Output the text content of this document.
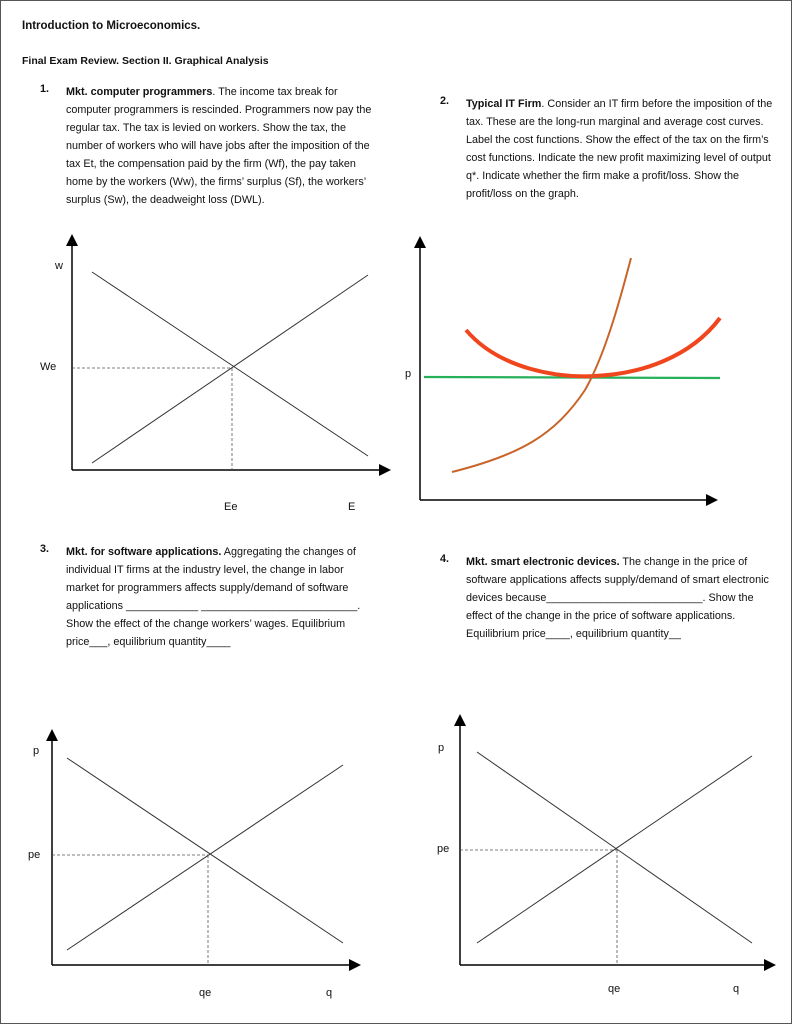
Introduction to Microeconomics.
Final Exam Review. Section II. Graphical Analysis
1. Mkt. computer programmers. The income tax break for computer programmers is rescinded. Programmers now pay the regular tax. The tax is levied on workers. Show the tax, the number of workers who will have jobs after the imposition of the tax Et, the compensation paid by the firm (Wf), the pay taken home by the workers (Ww), the firms’ surplus (Sf), the workers’ surplus (Sw), the deadweight loss (DWL).
2. Typical IT Firm. Consider an IT firm before the imposition of the tax. These are the long-run marginal and average cost curves. Label the cost functions. Show the effect of the tax on the firm’s cost functions. Indicate the new profit maximizing level of output q*. Indicate whether the firm make a profit/loss. Show the profit/loss on the graph.
3. Mkt. for software applications. Aggregating the changes of individual IT firms at the industry level, the change in labor market for programmers affects supply/demand of software applications ____________ __________________________. Show the effect of the change workers’ wages. Equilibrium price___, equilibrium quantity____
4. Mkt. smart electronic devices. The change in the price of software applications affects supply/demand of smart electronic devices because__________________________. Show the effect of the change in the price of software applications. Equilibrium price____, equilibrium quantity__
w
We
Ee	E
p
p
pe
qe	q
p
pe
qe	q
